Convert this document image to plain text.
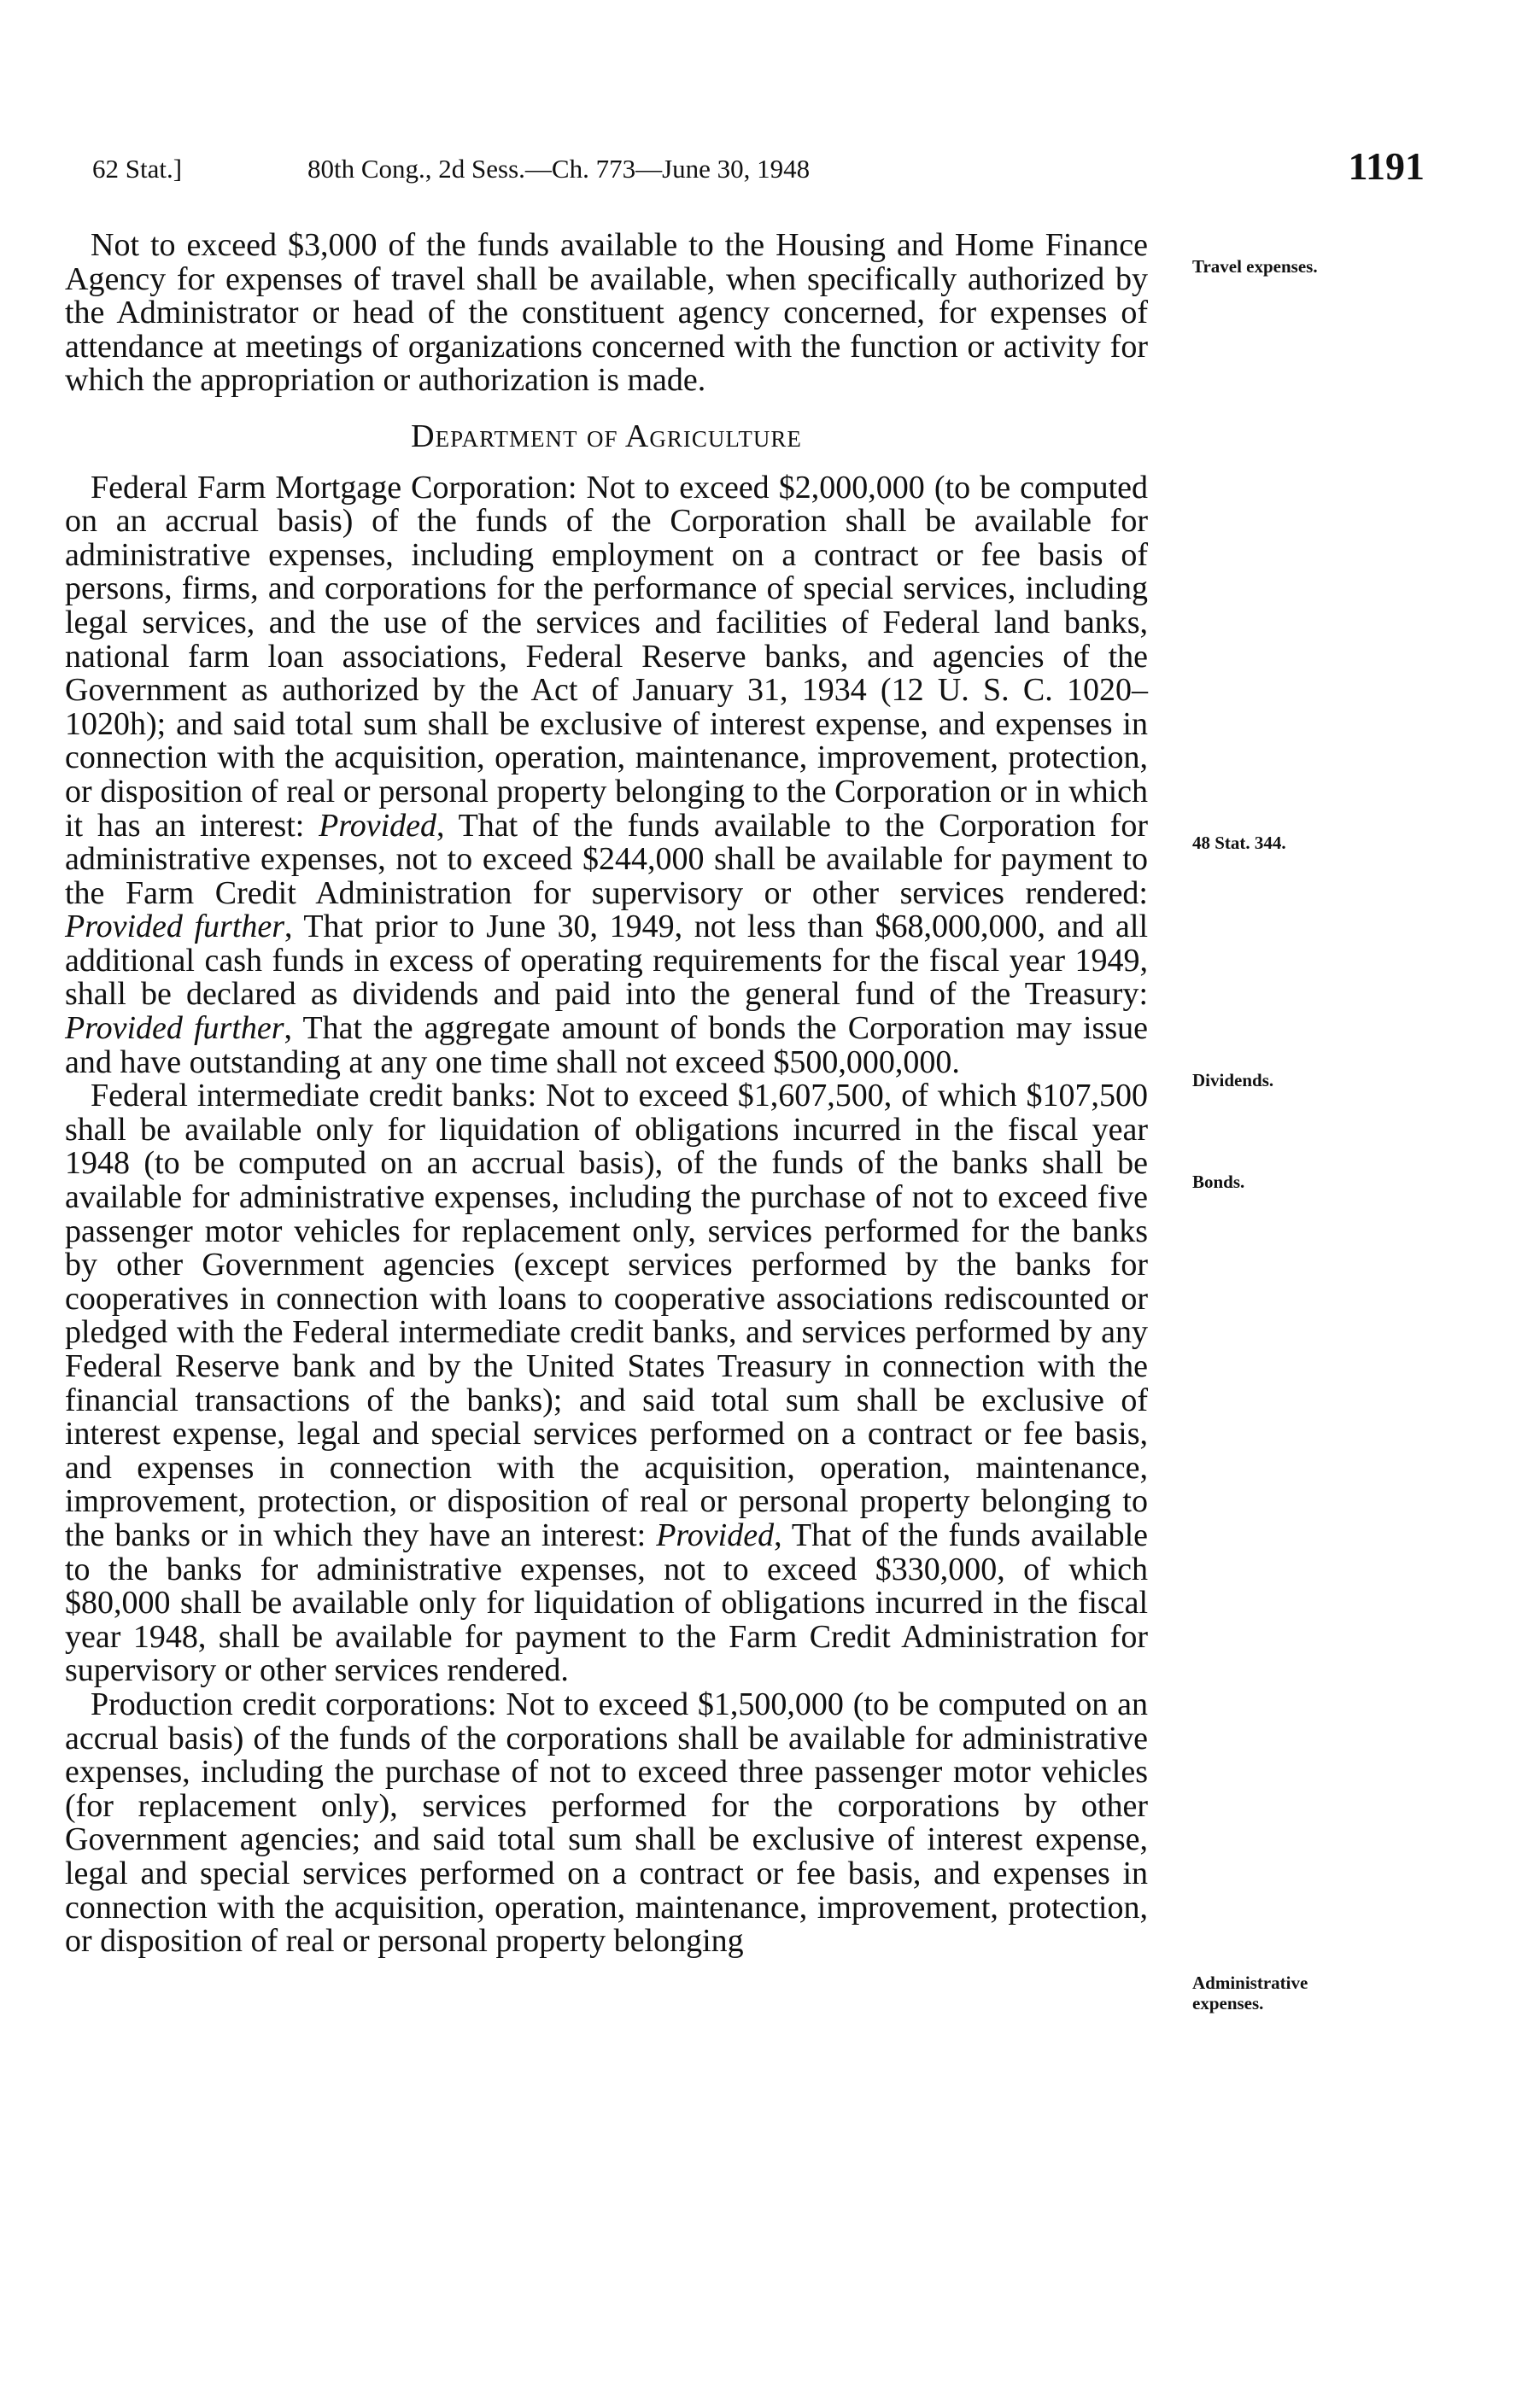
62 Stat.]	80th Cong., 2d Sess.—Ch. 773—June 30, 1948	1191

Not to exceed $3,000 of the funds available to the Housing and Home Finance Agency for expenses of travel shall be available, when specifically authorized by the Administrator or head of the constituent agency concerned, for expenses of attendance at meetings of organizations concerned with the function or activity for which the appropriation or authorization is made.

Department of Agriculture

Federal Farm Mortgage Corporation: Not to exceed $2,000,000 (to be computed on an accrual basis) of the funds of the Corporation shall be available for administrative expenses, including employment on a contract or fee basis of persons, firms, and corporations for the performance of special services, including legal services, and the use of the services and facilities of Federal land banks, national farm loan associations, Federal Reserve banks, and agencies of the Government as authorized by the Act of January 31, 1934 (12 U. S. C. 1020–1020h); and said total sum shall be exclusive of interest expense, and expenses in connection with the acquisition, operation, maintenance, improvement, protection, or disposition of real or personal property belonging to the Corporation or in which it has an interest: Provided, That of the funds available to the Corporation for administrative expenses, not to exceed $244,000 shall be available for payment to the Farm Credit Administration for supervisory or other services rendered: Provided further, That prior to June 30, 1949, not less than $68,000,000, and all additional cash funds in excess of operating requirements for the fiscal year 1949, shall be declared as dividends and paid into the general fund of the Treasury: Provided further, That the aggregate amount of bonds the Corporation may issue and have outstanding at any one time shall not exceed $500,000,000.

Federal intermediate credit banks: Not to exceed $1,607,500, of which $107,500 shall be available only for liquidation of obligations incurred in the fiscal year 1948 (to be computed on an accrual basis), of the funds of the banks shall be available for administrative expenses, including the purchase of not to exceed five passenger motor vehicles for replacement only, services performed for the banks by other Government agencies (except services performed by the banks for cooperatives in connection with loans to cooperative associations rediscounted or pledged with the Federal intermediate credit banks, and services performed by any Federal Reserve bank and by the United States Treasury in connection with the financial transactions of the banks); and said total sum shall be exclusive of interest expense, legal and special services performed on a contract or fee basis, and expenses in connection with the acquisition, operation, maintenance, improvement, protection, or disposition of real or personal property belonging to the banks or in which they have an interest: Provided, That of the funds available to the banks for administrative expenses, not to exceed $330,000, of which $80,000 shall be available only for liquidation of obligations incurred in the fiscal year 1948, shall be available for payment to the Farm Credit Administration for supervisory or other services rendered.

Production credit corporations: Not to exceed $1,500,000 (to be computed on an accrual basis) of the funds of the corporations shall be available for administrative expenses, including the purchase of not to exceed three passenger motor vehicles (for replacement only), services performed for the corporations by other Government agencies; and said total sum shall be exclusive of interest expense, legal and special services performed on a contract or fee basis, and expenses in connection with the acquisition, operation, maintenance, improvement, protection, or disposition of real or personal property belonging

Travel expenses.
48 Stat. 344.
Dividends.
Bonds.
Administrative expenses.
